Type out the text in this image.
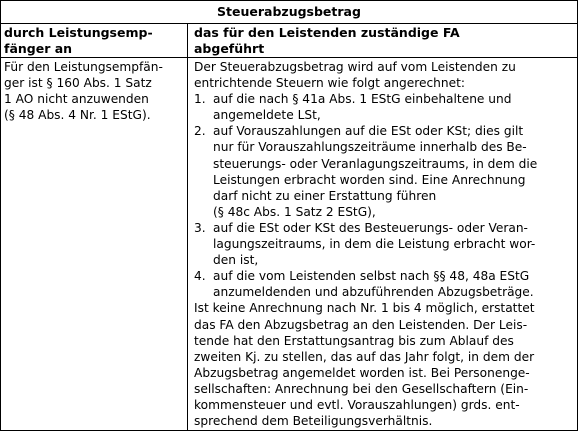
Steuerabzugsbetrag
durch Leistungsemp-
fänger an
das für den Leistenden zuständige FA
abgeführt
Für den Leistungsempfän-
ger ist § 160 Abs. 1 Satz
1 AO nicht anzuwenden
(§ 48 Abs. 4 Nr. 1 EStG).

Der Steuerabzugsbetrag wird auf vom Leistenden zu
entrichtende Steuern wie folgt angerechnet:

1. auf die nach § 41a Abs. 1 EStG einbehaltene und
angemeldete LSt,
2. auf Vorauszahlungen auf die ESt oder KSt; dies gilt
nur für Vorauszahlungszeiträume innerhalb des Be-
steuerungs- oder Veranlagungszeitraums, in dem die
Leistungen erbracht worden sind. Eine Anrechnung
darf nicht zu einer Erstattung führen
(§ 48c Abs. 1 Satz 2 EStG),
3. auf die ESt oder KSt des Besteuerungs- oder Veran-
lagungszeitraums, in dem die Leistung erbracht wor-
den ist,
4. auf die vom Leistenden selbst nach §§ 48, 48a EStG
anzumeldenden und abzuführenden Abzugsbeträge.

Ist keine Anrechnung nach Nr. 1 bis 4 möglich, erstattet
das FA den Abzugsbetrag an den Leistenden. Der Leis-
tende hat den Erstattungsantrag bis zum Ablauf des
zweiten Kj. zu stellen, das auf das Jahr folgt, in dem der
Abzugsbetrag angemeldet worden ist. Bei Personenge-
sellschaften: Anrechnung bei den Gesellschaftern (Ein-
kommensteuer und evtl. Vorauszahlungen) grds. ent-
sprechend dem Beteiligungsverhältnis.
